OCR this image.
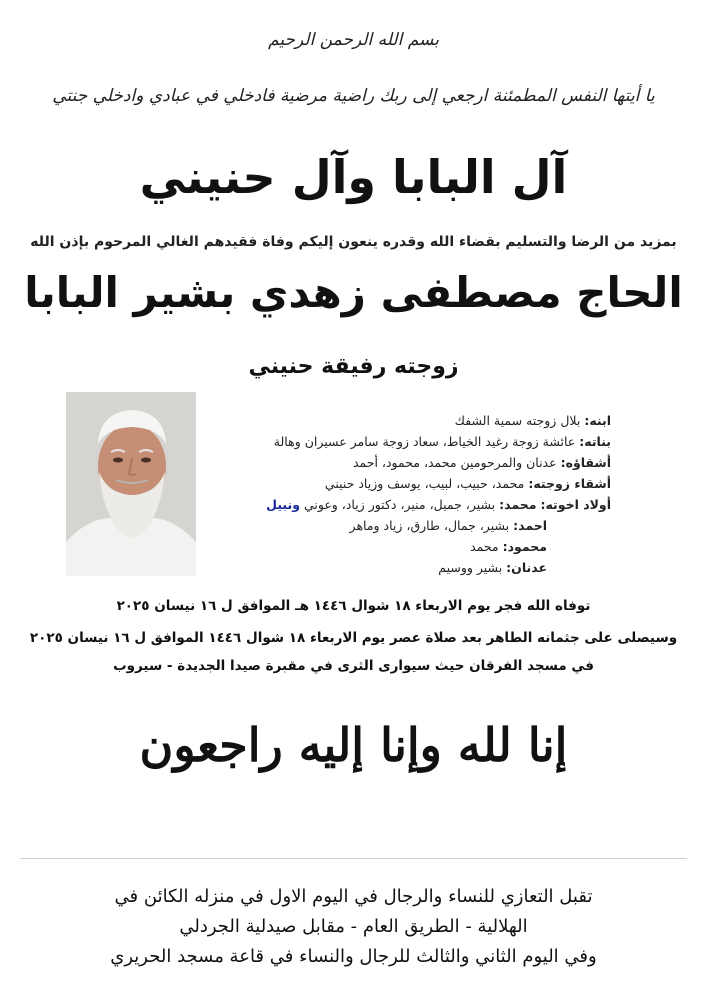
بسم الله الرحمن الرحيم
يا أيتها النفس المطمئنة ارجعي إلى ربك راضية مرضية فادخلي في عبادي وادخلي جنتي
آل البابا وآل حنيني
بمزيد من الرضا والتسليم بقضاء الله وقدره ينعون إليكم وفاة فقيدهم الغالي المرحوم بإذن الله
الحاج مصطفى زهدي بشير البابا
زوجته رفيقة حنيني
ابنه: بلال زوجته سمية الشفك
بناته: عائشة زوجة رغيد الخياط، سعاد زوجة سامر عسيران وهالة
أشقاؤه: عدنان والمرحومين محمد، محمود، أحمد
أشقاء زوجته: محمد، حبيب، لبيب، يوسف وزياد حنيني
أولاد اخوته: محمد: بشير، جميل، منير، دكتور زياد، وعوني ونبيل
احمد: بشير، جمال، طارق، زياد وماهر
محمود: محمد
عدنان: بشير ووسيم
توفاه الله فجر يوم الاربعاء ١٨ شوال ١٤٤٦ هـ الموافق ل ١٦ نيسان ٢٠٢٥
وسيصلى على جثمانه الطاهر بعد صلاة عصر يوم الاربعاء ١٨ شوال ١٤٤٦ الموافق ل ١٦ نيسان ٢٠٢٥
في مسجد الفرقان حيث سيوارى الثرى في مقبرة صيدا الجديدة - سيروب
إنا لله وإنا إليه راجعون
تقبل التعازي للنساء والرجال في اليوم الاول في منزله الكائن في
الهلالية - الطريق العام - مقابل صيدلية الجردلي
وفي اليوم الثاني والثالث للرجال والنساء في قاعة مسجد الحريري
